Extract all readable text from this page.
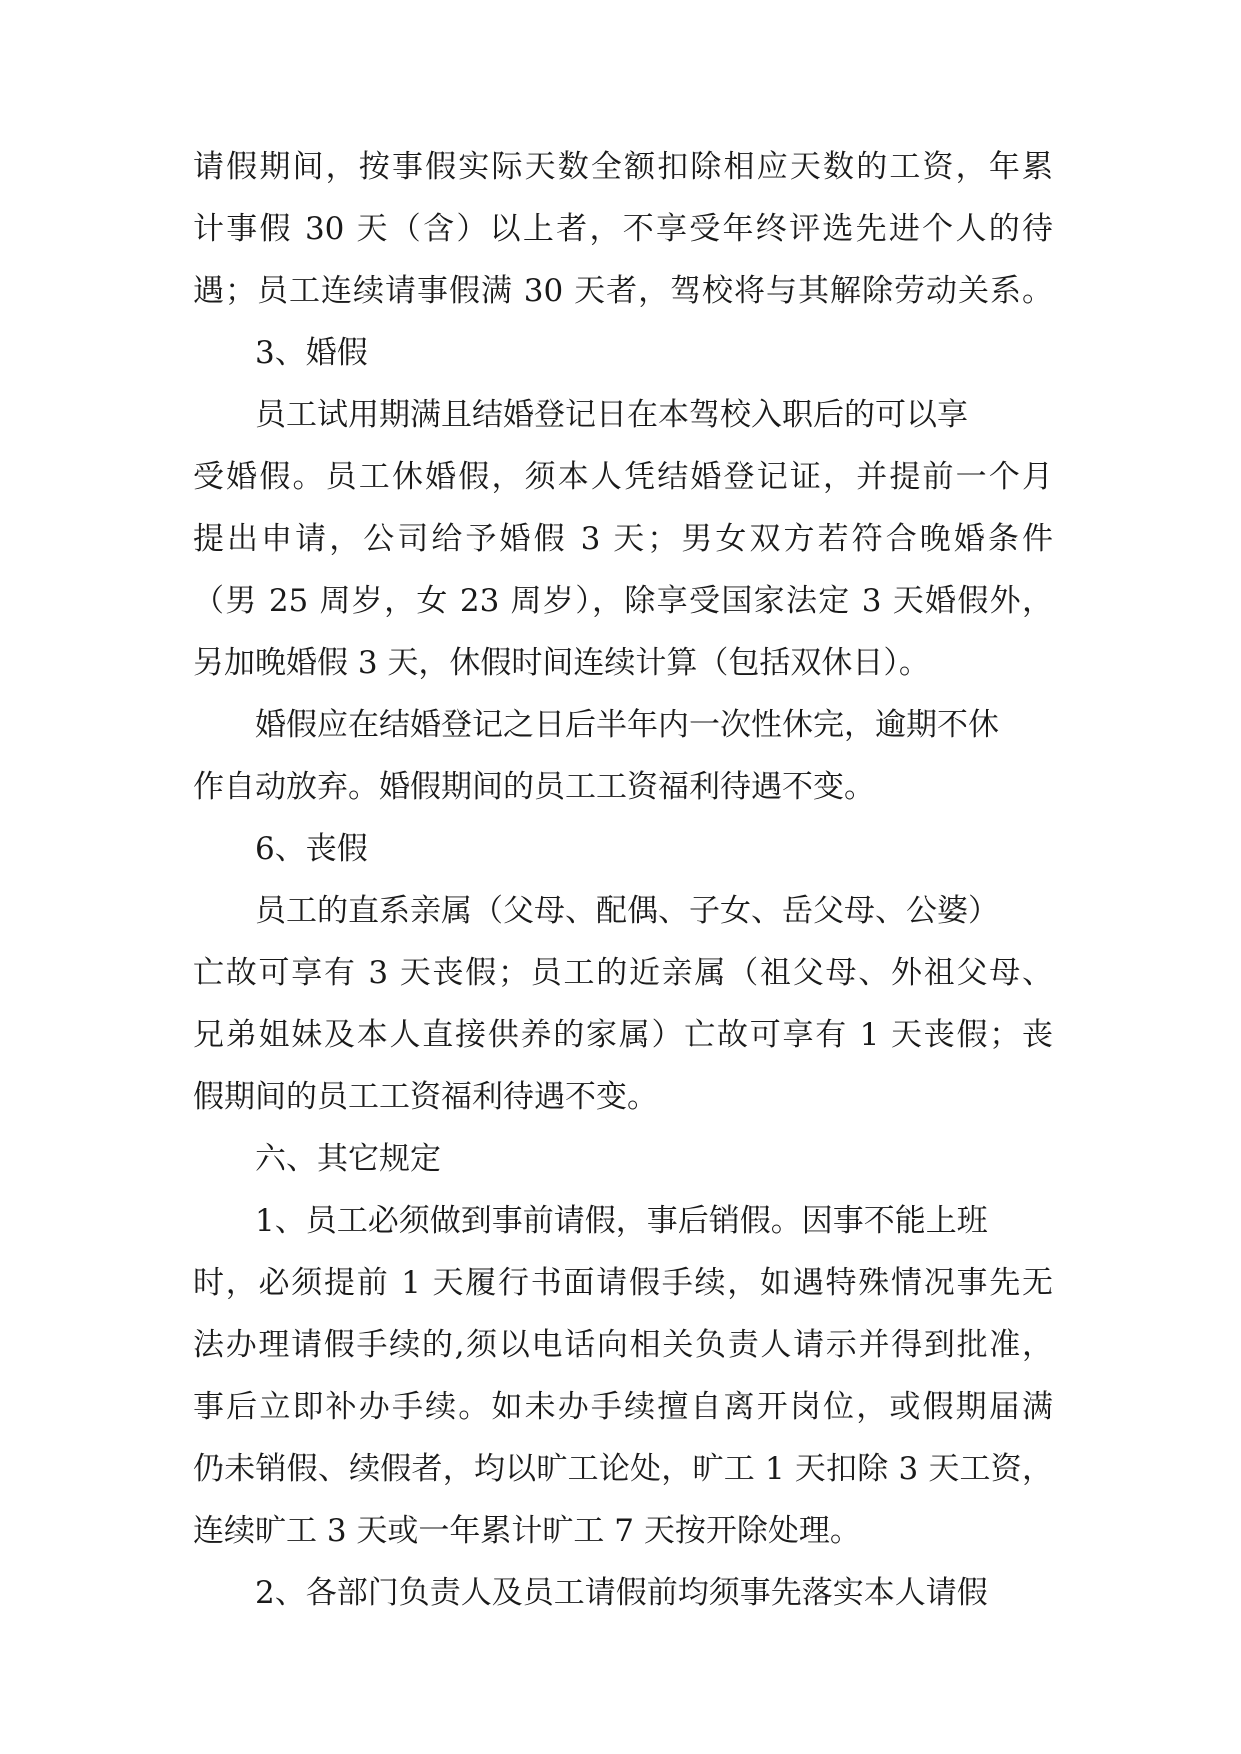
请假期间，按事假实际天数全额扣除相应天数的工资，年累
计事假 30 天（含）以上者，不享受年终评选先进个人的待
遇；员工连续请事假满 30 天者，驾校将与其解除劳动关系。
3、婚假
员工试用期满且结婚登记日在本驾校入职后的可以享
受婚假。员工休婚假，须本人凭结婚登记证，并提前一个月
提出申请，公司给予婚假 3 天；男女双方若符合晚婚条件
（男 25 周岁，女 23 周岁），除享受国家法定 3 天婚假外，
另加晚婚假 3 天，休假时间连续计算（包括双休日）。
婚假应在结婚登记之日后半年内一次性休完，逾期不休
作自动放弃。婚假期间的员工工资福利待遇不变。
6、丧假
员工的直系亲属（父母、配偶、子女、岳父母、公婆）
亡故可享有 3 天丧假；员工的近亲属（祖父母、外祖父母、
兄弟姐妹及本人直接供养的家属）亡故可享有 1 天丧假；丧
假期间的员工工资福利待遇不变。
六、其它规定
1、员工必须做到事前请假，事后销假。因事不能上班
时，必须提前 1 天履行书面请假手续，如遇特殊情况事先无
法办理请假手续的,须以电话向相关负责人请示并得到批准，
事后立即补办手续。如未办手续擅自离开岗位，或假期届满
仍未销假、续假者，均以旷工论处，旷工 1 天扣除 3 天工资，
连续旷工 3 天或一年累计旷工 7 天按开除处理。
2、各部门负责人及员工请假前均须事先落实本人请假
